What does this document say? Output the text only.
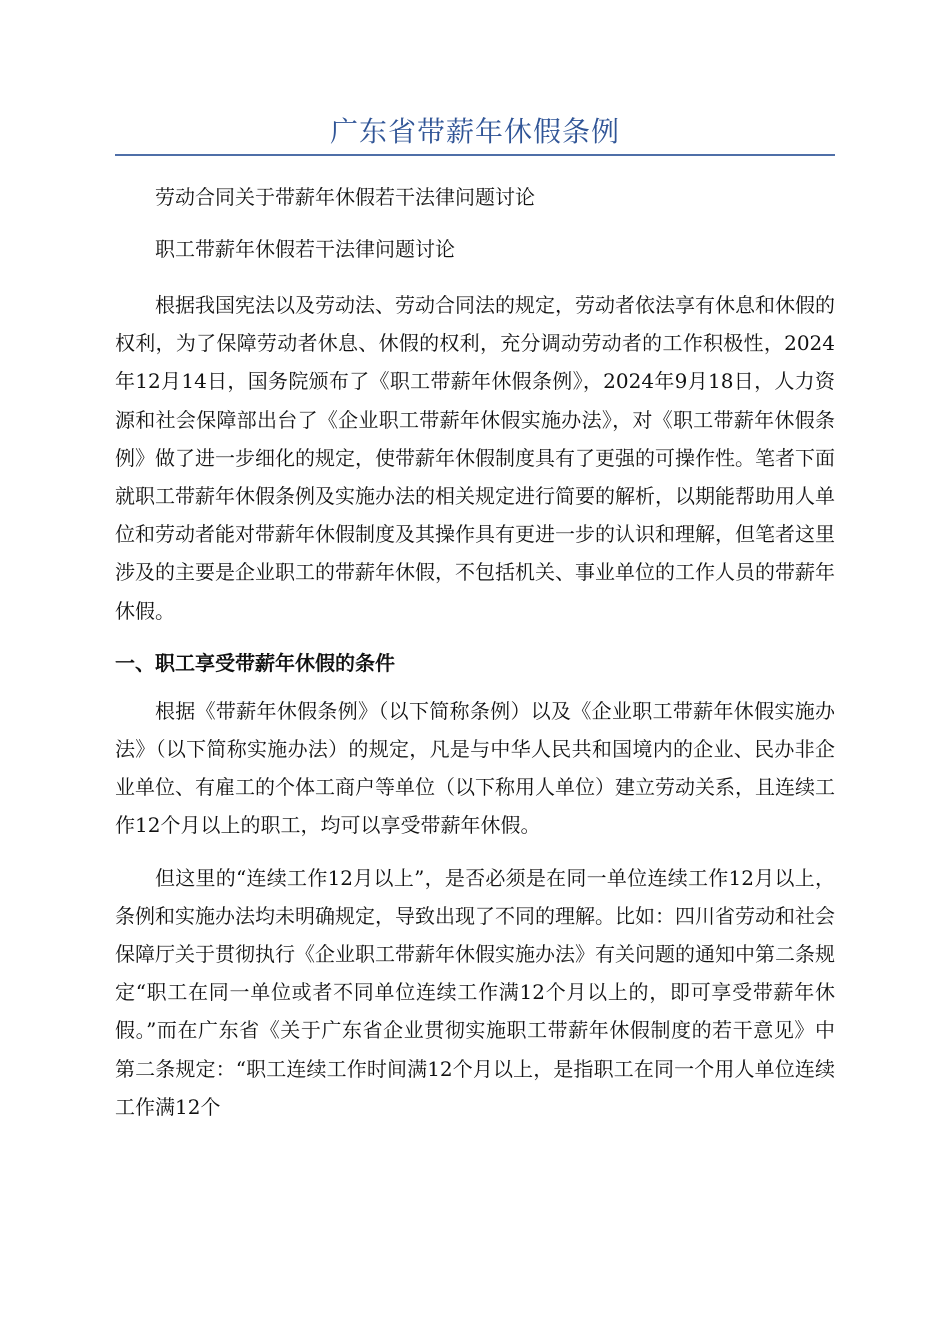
广东省带薪年休假条例

劳动合同关于带薪年休假若干法律问题讨论

职工带薪年休假若干法律问题讨论

根据我国宪法以及劳动法、劳动合同法的规定，劳动者依法享有休息和休假的权利，为了保障劳动者休息、休假的权利，充分调动劳动者的工作积极性，2024年12月14日，国务院颁布了《职工带薪年休假条例》，2024年9月18日，人力资源和社会保障部出台了《企业职工带薪年休假实施办法》，对《职工带薪年休假条例》做了进一步细化的规定，使带薪年休假制度具有了更强的可操作性。笔者下面就职工带薪年休假条例及实施办法的相关规定进行简要的解析，以期能帮助用人单位和劳动者能对带薪年休假制度及其操作具有更进一步的认识和理解，但笔者这里涉及的主要是企业职工的带薪年休假，不包括机关、事业单位的工作人员的带薪年休假。

一、职工享受带薪年休假的条件

根据《带薪年休假条例》（以下简称条例）以及《企业职工带薪年休假实施办法》（以下简称实施办法）的规定，凡是与中华人民共和国境内的企业、民办非企业单位、有雇工的个体工商户等单位（以下称用人单位）建立劳动关系，且连续工作12个月以上的职工，均可以享受带薪年休假。

但这里的“连续工作12月以上”，是否必须是在同一单位连续工作12月以上，条例和实施办法均未明确规定，导致出现了不同的理解。比如：四川省劳动和社会保障厅关于贯彻执行《企业职工带薪年休假实施办法》有关问题的通知中第二条规定“职工在同一单位或者不同单位连续工作满12个月以上的，即可享受带薪年休假。”而在广东省《关于广东省企业贯彻实施职工带薪年休假制度的若干意见》中第二条规定：“职工连续工作时间满12个月以上，是指职工在同一个用人单位连续工作满12个
